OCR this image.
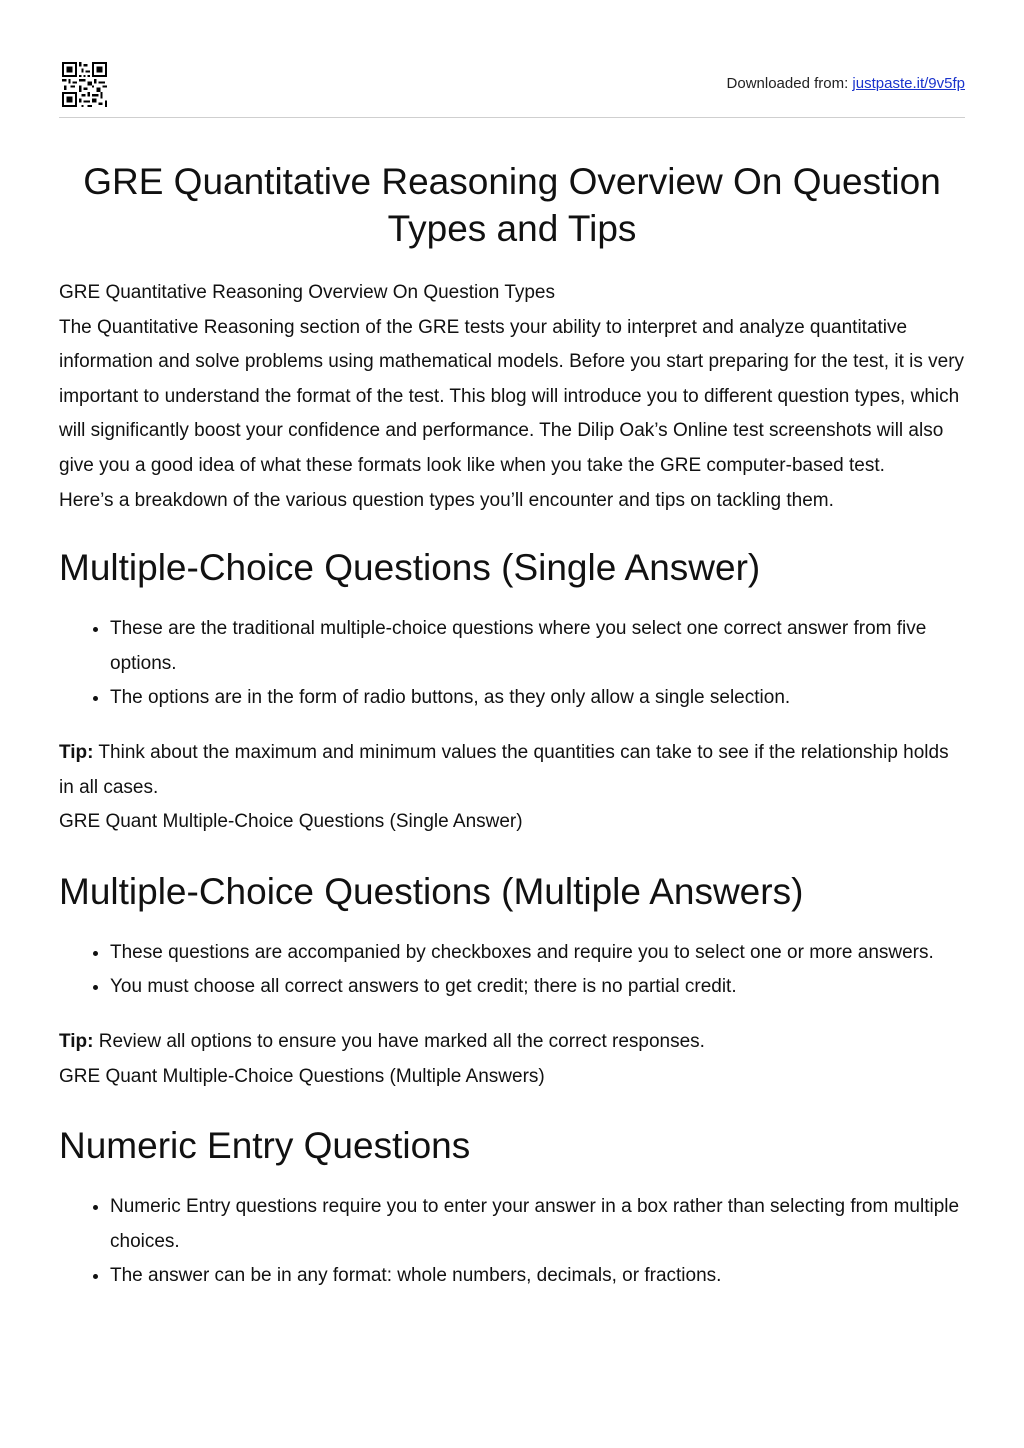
Downloaded from: justpaste.it/9v5fp
GRE Quantitative Reasoning Overview On Question Types and Tips

GRE Quantitative Reasoning Overview On Question Types

The Quantitative Reasoning section of the GRE tests your ability to interpret and analyze quantitative information and solve problems using mathematical models. Before you start preparing for the test, it is very important to understand the format of the test. This blog will introduce you to different question types, which will significantly boost your confidence and performance. The Dilip Oak’s Online test screenshots will also give you a good idea of what these formats look like when you take the GRE computer-based test.

Here’s a breakdown of the various question types you’ll encounter and tips on tackling them.

Multiple-Choice Questions (Single Answer)
• These are the traditional multiple-choice questions where you select one correct answer from five options.
• The options are in the form of radio buttons, as they only allow a single selection.

Tip: Think about the maximum and minimum values the quantities can take to see if the relationship holds in all cases.

GRE Quant Multiple-Choice Questions (Single Answer)

Multiple-Choice Questions (Multiple Answers)
• These questions are accompanied by checkboxes and require you to select one or more answers.
• You must choose all correct answers to get credit; there is no partial credit.

Tip: Review all options to ensure you have marked all the correct responses.

GRE Quant Multiple-Choice Questions (Multiple Answers)

Numeric Entry Questions
• Numeric Entry questions require you to enter your answer in a box rather than selecting from multiple choices.
• The answer can be in any format: whole numbers, decimals, or fractions.
